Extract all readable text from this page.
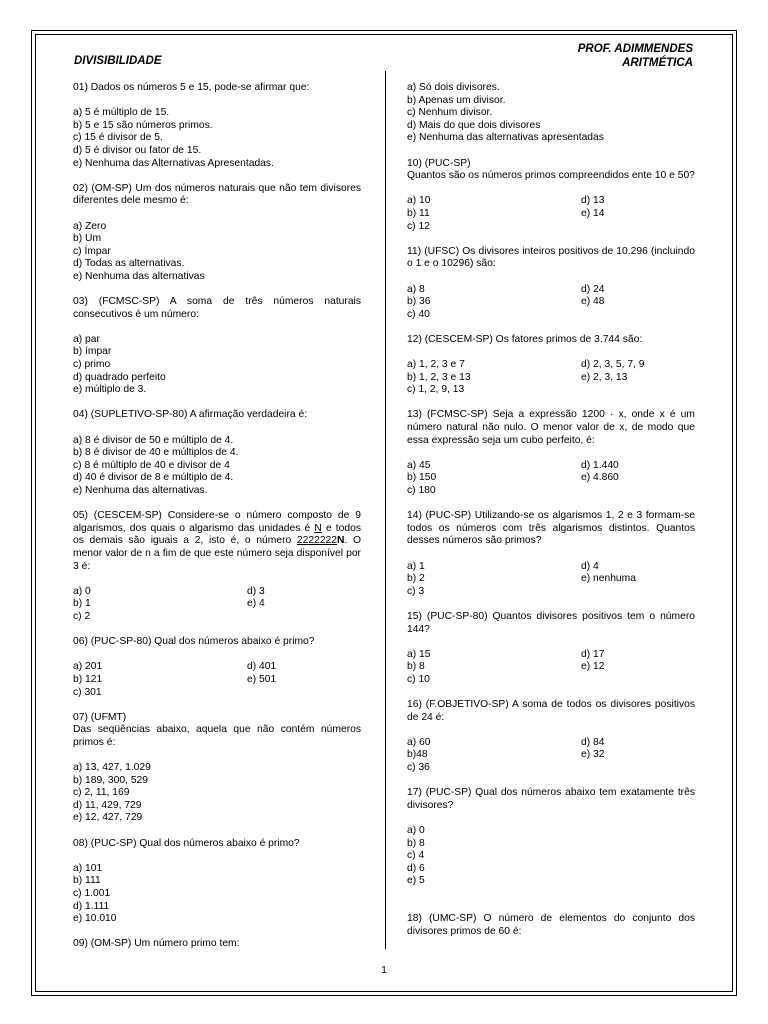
DIVISIBILIDADE
PROF. ADIMMENDES
ARITMÉTICA
01) Dados os números 5 e 15, pode-se afirmar que:
a) 5 é múltiplo de 15.
b) 5 e 15 são números primos.
c) 15 é divisor de 5.
d) 5 é divisor ou fator de 15.
e) Nenhuma das Alternativas Apresentadas.
02) (OM-SP) Um dos números naturais que não tem divisores diferentes dele mesmo é:
a) Zero
b) Um
c) Ímpar
d) Todas as alternativas.
e) Nenhuma das alternativas
03) (FCMSC-SP) A soma de três números naturais consecutivos é um número:
a) par
b) ímpar
c) primo
d) quadrado perfeito
e) múltiplo de 3.
04) (SUPLETIVO-SP-80) A afirmação verdadeira é:
a) 8 é divisor de 50 e múltiplo de 4.
b) 8 é divisor de 40 e múltiplos de 4.
c) 8 é múltiplo de 40 e divisor de 4
d) 40 é divisor de 8 e múltiplo de 4.
e) Nenhuma das alternativas.
05) (CESCEM-SP) Considere-se o número composto de 9 algarismos, dos quais o algarismo das unidades é N e todos os demais são iguais a 2, isto é, o número 2222222N. O menor valor de n a fim de que este número seja disponível por 3 é:
a) 0	d) 3
b) 1	e) 4
c) 2
06) (PUC-SP-80) Qual dos números abaixo é primo?
a) 201	d) 401
b) 121	e) 501
c) 301
07) (UFMT)
Das seqüências abaixo, aquela que não contém números primos é:
a) 13, 427, 1.029
b) 189, 300, 529
c) 2, 11, 169
d) 11, 429, 729
e) 12, 427, 729
08) (PUC-SP) Qual dos números abaixo é primo?
a) 101
b) 111
c) 1.001
d) 1.111
e) 10.010
09) (OM-SP) Um número primo tem:
a) Só dois divisores.
b) Apenas um divisor.
c) Nenhum divisor.
d) Mais do que dois divisores
e) Nenhuma das alternativas apresentadas
10) (PUC-SP)
Quantos são os números primos compreendidos ente 10 e 50?
a) 10	d) 13
b) 11	e) 14
c) 12
11) (UFSC) Os divisores inteiros positivos de 10.296 (incluindo o 1 e o 10296) são:
a) 8	d) 24
b) 36	e) 48
c) 40
12) (CESCEM-SP) Os fatores primos de 3.744 são:
a) 1, 2, 3 e 7	d) 2, 3, 5, 7, 9
b) 1, 2, 3 e 13	e) 2, 3, 13
c) 1, 2, 9, 13
13) (FCMSC-SP) Seja a expressão 1200 · x, onde x é um número natural não nulo. O menor valor de x, de modo que essa expressão seja um cubo perfeito, é:
a) 45	d) 1.440
b) 150	e) 4.860
c) 180
14) (PUC-SP) Utilizando-se os algarismos 1, 2 e 3 formam-se todos os números com três algarismos distintos. Quantos desses números são primos?
a) 1	d) 4
b) 2	e) nenhuma
c) 3
15) (PUC-SP-80) Quantos divisores positivos tem o número 144?
a) 15	d) 17
b) 8	e) 12
c) 10
16) (F.OBJETIVO-SP) A soma de todos os divisores positivos de 24 é:
a) 60	d) 84
b)48	e) 32
c) 36
17) (PUC-SP) Qual dos números abaixo tem exatamente três divisores?
a) 0
b) 8
c) 4
d) 6
e) 5
18) (UMC-SP) O número de elementos do conjunto dos divisores primos de 60 é:
1
